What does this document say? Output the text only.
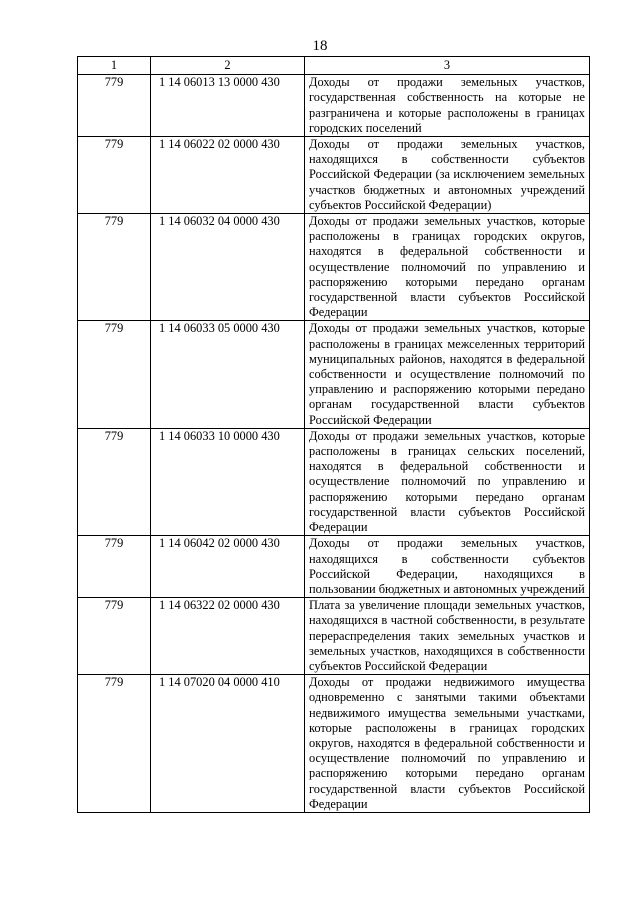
18
1	2	3
779	1 14 06013 13 0000 430	Доходы от продажи земельных участков, государственная собственность на которые не разграничена и которые расположены в границах городских поселений
779	1 14 06022 02 0000 430	Доходы от продажи земельных участков, находящихся в собственности субъектов Российской Федерации (за исключением земельных участков бюджетных и автономных учреждений субъектов Российской Федерации)
779	1 14 06032 04 0000 430	Доходы от продажи земельных участков, которые расположены в границах городских округов, находятся в федеральной собственности и осуществление полномочий по управлению и распоряжению которыми передано органам государственной власти субъектов Российской Федерации
779	1 14 06033 05 0000 430	Доходы от продажи земельных участков, которые расположены в границах межселенных территорий муниципальных районов, находятся в федеральной собственности и осуществление полномочий по управлению и распоряжению которыми передано органам государственной власти субъектов Российской Федерации
779	1 14 06033 10 0000 430	Доходы от продажи земельных участков, которые расположены в границах сельских поселений, находятся в федеральной собственности и осуществление полномочий по управлению и распоряжению которыми передано органам государственной власти субъектов Российской Федерации
779	1 14 06042 02 0000 430	Доходы от продажи земельных участков, находящихся в собственности субъектов Российской Федерации, находящихся в пользовании бюджетных и автономных учреждений
779	1 14 06322 02 0000 430	Плата за увеличение площади земельных участков, находящихся в частной собственности, в результате перераспределения таких земельных участков и земельных участков, находящихся в собственности субъектов Российской Федерации
779	1 14 07020 04 0000 410	Доходы от продажи недвижимого имущества одновременно с занятыми такими объектами недвижимого имущества земельными участками, которые расположены в границах городских округов, находятся в федеральной собственности и осуществление полномочий по управлению и распоряжению которыми передано органам государственной власти субъектов Российской Федерации
